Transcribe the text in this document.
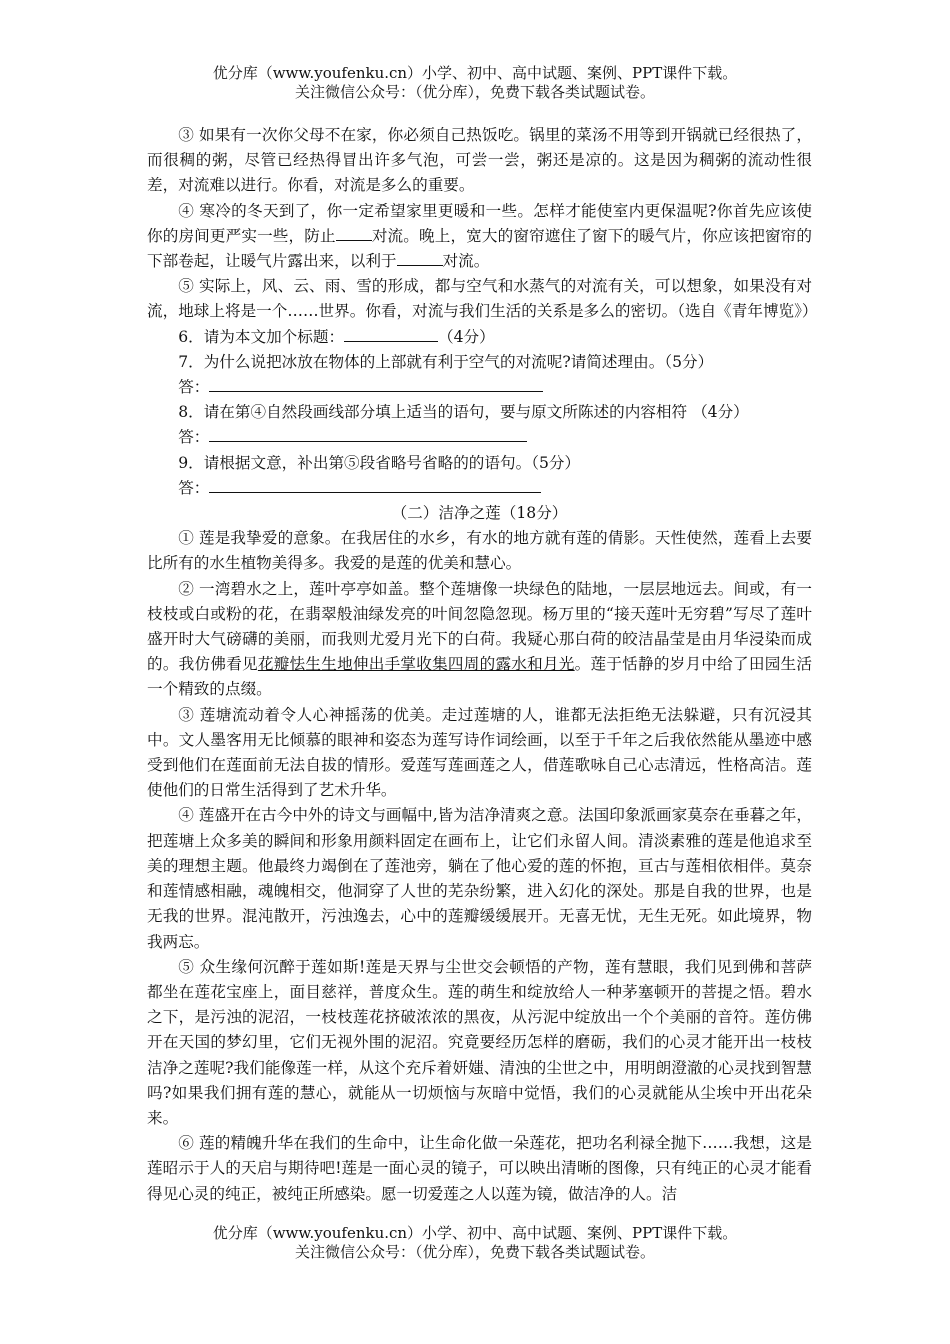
优分库（www.youfenku.cn）小学、初中、高中试题、案例、PPT课件下载。
关注微信公众号：（优分库），免费下载各类试题试卷。

③ 如果有一次你父母不在家，你必须自己热饭吃。锅里的菜汤不用等到开锅就已经很热了，而很稠的粥，尽管已经热得冒出许多气泡，可尝一尝，粥还是凉的。这是因为稠粥的流动性很差，对流难以进行。你看，对流是多么的重要。

④ 寒冷的冬天到了，你一定希望家里更暖和一些。怎样才能使室内更保温呢?你首先应该使你的房间更严实一些，防止 对流。晚上，宽大的窗帘遮住了窗下的暖气片，你应该把窗帘的下部卷起，让暖气片露出来，以利于	对流。

⑤ 实际上，风、云、雨、雪的形成，都与空气和水蒸气的对流有关，可以想象，如果没有对流，地球上将是一个……世界。你看，对流与我们生活的关系是多么的密切。（选自《青年博览》）

6．请为本文加个标题：	（4分）

7．为什么说把冰放在物体的上部就有利于空气的对流呢?请简述理由。（5分）

答：

8．请在第④自然段画线部分填上适当的语句，要与原文所陈述的内容相符 （4分）

答：

9．请根据文意，补出第⑤段省略号省略的的语句。（5分）

答：

（二）洁净之莲（18分）

① 莲是我挚爱的意象。在我居住的水乡，有水的地方就有莲的倩影。天性使然，莲看上去要比所有的水生植物美得多。我爱的是莲的优美和慧心。

② 一湾碧水之上，莲叶亭亭如盖。整个莲塘像一块绿色的陆地，一层层地远去。间或，有一枝枝或白或粉的花，在翡翠般油绿发亮的叶间忽隐忽现。杨万里的“接天莲叶无穷碧”写尽了莲叶盛开时大气磅礴的美丽，而我则尤爱月光下的白荷。我疑心那白荷的皎洁晶莹是由月华浸染而成的。我仿佛看见花瓣怯生生地伸出手掌收集四周的露水和月光。莲于恬静的岁月中给了田园生活一个精致的点缀。

③ 莲塘流动着令人心神摇荡的优美。走过莲塘的人，谁都无法拒绝无法躲避，只有沉浸其中。文人墨客用无比倾慕的眼神和姿态为莲写诗作词绘画，以至于千年之后我依然能从墨迹中感受到他们在莲面前无法自拔的情形。爱莲写莲画莲之人，借莲歌咏自己心志清远，性格高洁。莲使他们的日常生活得到了艺术升华。

④ 莲盛开在古今中外的诗文与画幅中,皆为洁净清爽之意。法国印象派画家莫奈在垂暮之年，把莲塘上众多美的瞬间和形象用颜料固定在画布上，让它们永留人间。清淡素雅的莲是他追求至美的理想主题。他最终力竭倒在了莲池旁，躺在了他心爱的莲的怀抱，亘古与莲相依相伴。莫奈和莲情感相融，魂魄相交，他洞穿了人世的芜杂纷繁，进入幻化的深处。那是自我的世界，也是无我的世界。混沌散开，污浊逸去，心中的莲瓣缓缓展开。无喜无忧，无生无死。如此境界，物我两忘。

⑤ 众生缘何沉醉于莲如斯!莲是天界与尘世交会顿悟的产物，莲有慧眼，我们见到佛和菩萨都坐在莲花宝座上，面目慈祥，普度众生。莲的萌生和绽放给人一种茅塞顿开的菩提之悟。碧水之下，是污浊的泥沼，一枝枝莲花挤破浓浓的黑夜，从污泥中绽放出一个个美丽的音符。莲仿佛开在天国的梦幻里，它们无视外围的泥沼。究竟要经历怎样的磨砺，我们的心灵才能开出一枝枝洁净之莲呢?我们能像莲一样，从这个充斥着妍媸、清浊的尘世之中，用明朗澄澈的心灵找到智慧吗?如果我们拥有莲的慧心，就能从一切烦恼与灰暗中觉悟，我们的心灵就能从尘埃中开出花朵来。

⑥ 莲的精魄升华在我们的生命中，让生命化做一朵莲花，把功名利禄全抛下……我想，这是莲昭示于人的天启与期待吧!莲是一面心灵的镜子，可以映出清晰的图像，只有纯正的心灵才能看得见心灵的纯正，被纯正所感染。愿一切爱莲之人以莲为镜，做洁净的人。洁

优分库（www.youfenku.cn）小学、初中、高中试题、案例、PPT课件下载。
关注微信公众号：（优分库），免费下载各类试题试卷。
